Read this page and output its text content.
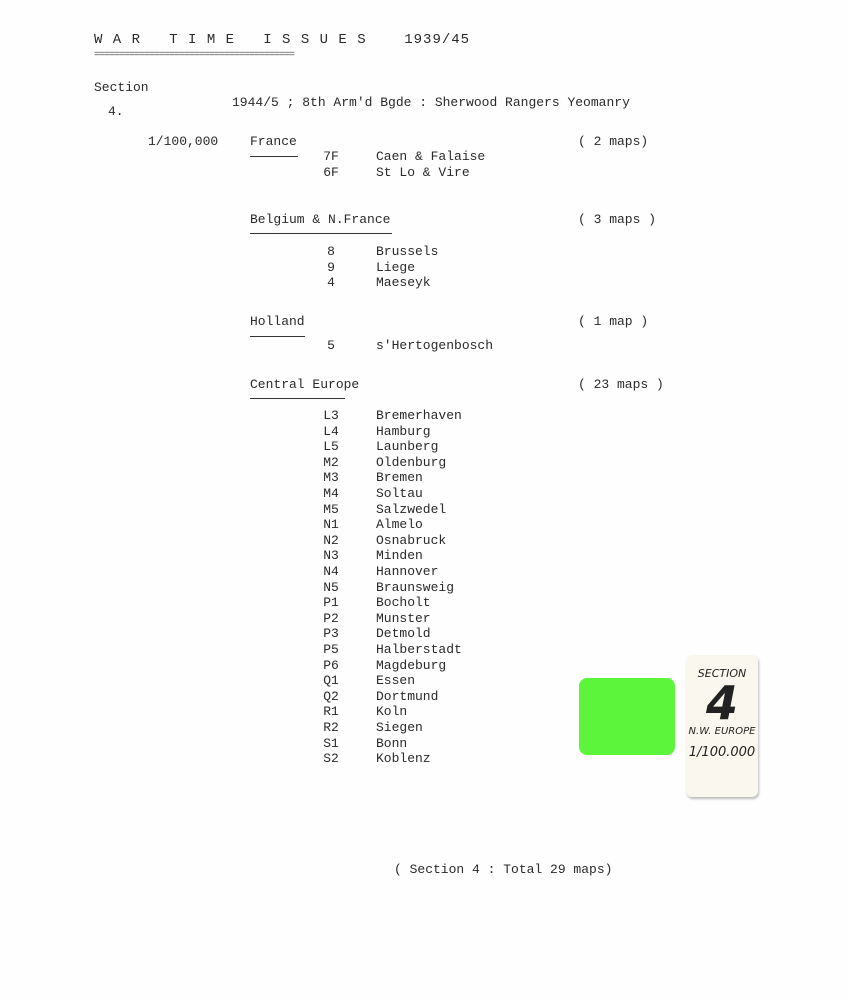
W A R   T I M E   I S S U E S    1939/45
========================================
Section
4.
1944/5 ; 8th Arm'd Bgde : Sherwood Rangers Yeomanry
1/100,000 France	( 2 maps)
7F	Caen & Falaise
6F	St Lo & Vire
Belgium & N.France	( 3 maps )
8	Brussels
9	Liege
4	Maeseyk
Holland	( 1 map )
5	s'Hertogenbosch
Central Europe	( 23 maps )
L3	Bremerhaven
L4	Hamburg
L5	Launberg
M2	Oldenburg
M3	Bremen
M4	Soltau
M5	Salzwedel
N1	Almelo
N2	Osnabruck
N3	Minden
N4	Hannover
N5	Braunsweig
P1	Bocholt
P2	Munster
P3	Detmold
P5	Halberstadt
P6	Magdeburg
Q1	Essen
Q2	Dortmund
R1	Koln
R2	Siegen
S1	Bonn
S2	Koblenz
( Section 4 : Total 29 maps)
SECTION
4
N.W. EUROPE
1/100.000
